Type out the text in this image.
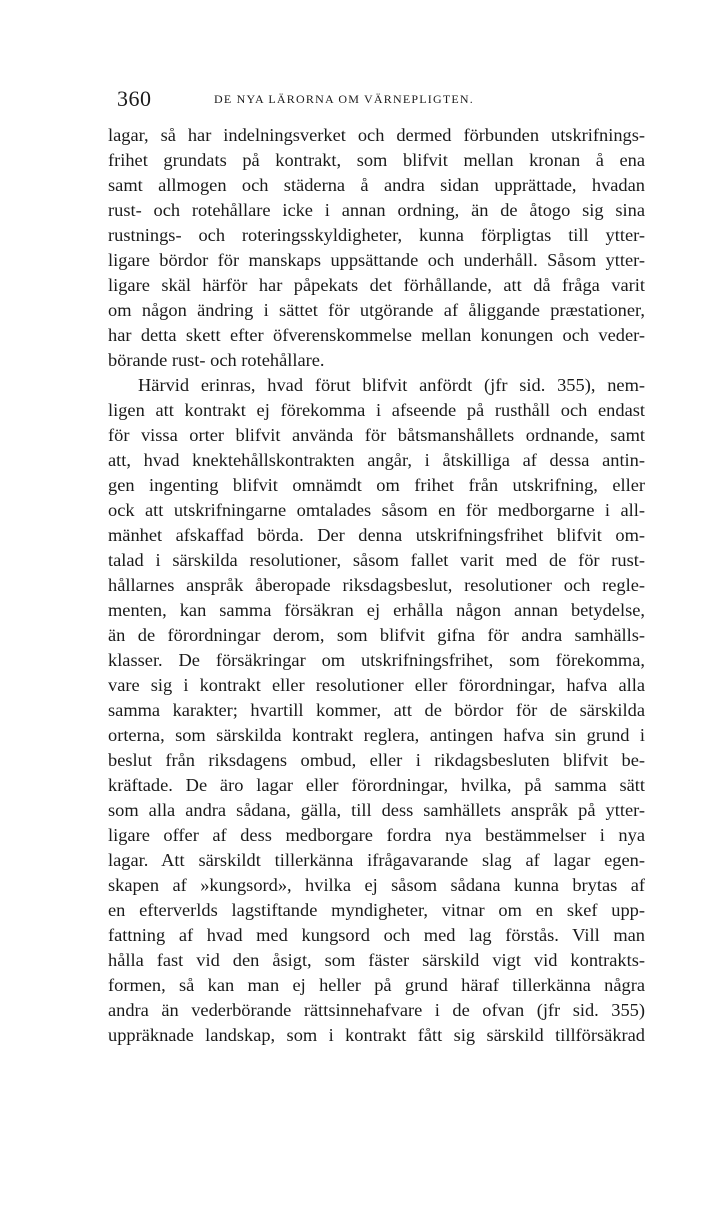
360	DE NYA LÄRORNA OM VÄRNEPLIGTEN.
lagar, så har indelningsverket och dermed förbunden utskrifnings-
frihet grundats på kontrakt, som blifvit mellan kronan å ena
samt allmogen och städerna å andra sidan upprättade, hvadan
rust- och rotehållare icke i annan ordning, än de åtogo sig sina
rustnings- och roteringsskyldigheter, kunna förpligtas till ytter-
ligare bördor för manskaps uppsättande och underhåll. Såsom ytter-
ligare skäl härför har påpekats det förhållande, att då fråga varit
om någon ändring i sättet för utgörande af åliggande præstationer,
har detta skett efter öfverenskommelse mellan konungen och veder-
börande rust- och rotehållare.
Härvid erinras, hvad förut blifvit anfördt (jfr sid. 355), nem-
ligen att kontrakt ej förekomma i afseende på rusthåll och endast
för vissa orter blifvit använda för båtsmanshållets ordnande, samt
att, hvad knektehållskontrakten angår, i åtskilliga af dessa antin-
gen ingenting blifvit omnämdt om frihet från utskrifning, eller
ock att utskrifningarne omtalades såsom en för medborgarne i all-
mänhet afskaffad börda. Der denna utskrifningsfrihet blifvit om-
talad i särskilda resolutioner, såsom fallet varit med de för rust-
hållarnes anspråk åberopade riksdagsbeslut, resolutioner och regle-
menten, kan samma försäkran ej erhålla någon annan betydelse,
än de förordningar derom, som blifvit gifna för andra samhälls-
klasser. De försäkringar om utskrifningsfrihet, som förekomma,
vare sig i kontrakt eller resolutioner eller förordningar, hafva alla
samma karakter; hvartill kommer, att de bördor för de särskilda
orterna, som särskilda kontrakt reglera, antingen hafva sin grund i
beslut från riksdagens ombud, eller i rikdagsbesluten blifvit be-
kräftade. De äro lagar eller förordningar, hvilka, på samma sätt
som alla andra sådana, gälla, till dess samhällets anspråk på ytter-
ligare offer af dess medborgare fordra nya bestämmelser i nya
lagar. Att särskildt tillerkänna ifrågavarande slag af lagar egen-
skapen af »kungsord», hvilka ej såsom sådana kunna brytas af
en efterverlds lagstiftande myndigheter, vitnar om en skef upp-
fattning af hvad med kungsord och med lag förstås. Vill man
hålla fast vid den åsigt, som fäster särskild vigt vid kontrakts-
formen, så kan man ej heller på grund häraf tillerkänna några
andra än vederbörande rättsinnehafvare i de ofvan (jfr sid. 355)
uppräknade landskap, som i kontrakt fått sig särskild tillförsäkrad
